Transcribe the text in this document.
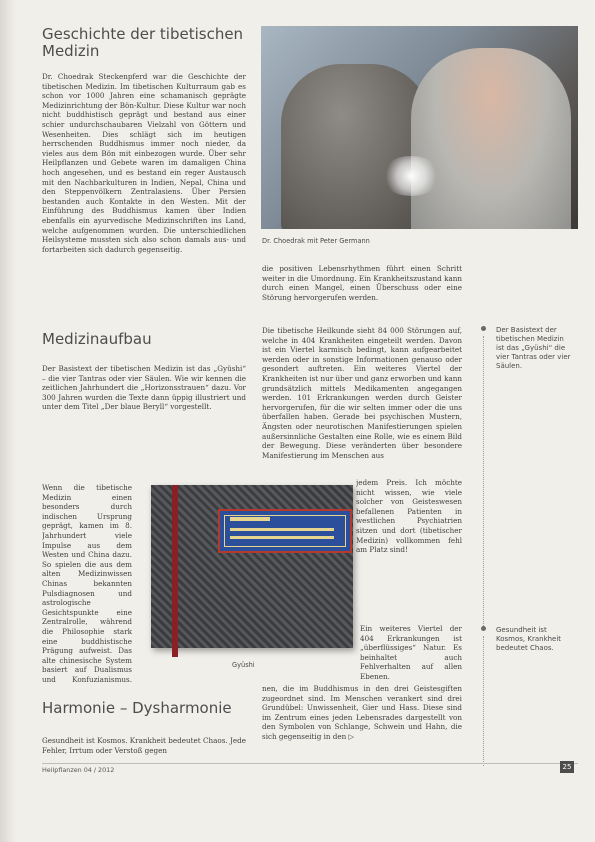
Geschichte der tibetischen Medizin
Dr. Choedrak Steckenpferd war die Geschichte der tibetischen Medizin. Im tibetischen Kulturraum gab es schon vor 1000 Jahren eine schamanisch geprägte Medizinrichtung der Bön-Kultur. Diese Kultur war noch nicht buddhistisch geprägt und bestand aus einer schier undurchschaubaren Vielzahl von Göttern und Wesenheiten. Dies schlägt sich im heutigen herrschenden Buddhismus immer noch nieder, da vieles aus dem Bön mit einbezogen wurde. Über sehr Heilpflanzen und Gebete waren im damaligen China hoch angesehen, und es bestand ein reger Austausch mit den Nachbarkulturen in Indien, Nepal, China und den Steppenvölkern Zentralasiens. Über Persien bestanden auch Kontakte in den Westen. Mit der Einführung des Buddhismus kamen über Indien ebenfalls ein ayurvedische Medizinschriften ins Land, welche aufgenommen wurden. Die unterschiedlichen Heilsysteme mussten sich also schon damals aus- und fortarbeiten sich dadurch gegenseitig.
Medizinaufbau
Der Basistext der tibetischen Medizin ist das „Gyüshi“ – die vier Tantras oder vier Säulen. Wie wir kennen die zeitlichen Jahrhundert die „Horizonsstrauen“ dazu. Vor 300 Jahren wurden die Texte dann üppig illustriert und unter dem Titel „Der blaue Beryll“ vorgestellt.
Wenn die tibetische Medizin einen besonders durch indischen Ursprung geprägt, kamen im 8. Jahrhundert viele Impulse aus dem Westen und China dazu. So spielen die aus dem alten Medizinwissen Chinas bekannten Pulsdiagnosen und astrologische Gesichtspunkte eine Zentralrolle, während die Philosophie stark eine buddhistische Prägung aufweist. Das alte chinesische System basiert auf Dualismus und Konfuzianismus.
Harmonie – Dysharmonie
Gesundheit ist Kosmos. Krankheit bedeutet Chaos. Jede Fehler, Irrtum oder Verstoß gegen
Dr. Choedrak mit Peter Germann
die positiven Lebensrhythmen führt einen Schritt weiter in die Umordnung. Ein Krankheitszustand kann durch einen Mangel, einen Überschuss oder eine Störung hervorgerufen werden.
Die tibetische Heilkunde sieht 84 000 Störungen auf, welche in 404 Krankheiten eingeteilt werden. Davon ist ein Viertel karmisch bedingt, kann aufgearbeitet werden oder in sonstige Informationen genauso oder gesondert auftreten. Ein weiteres Viertel der Krankheiten ist nur über und ganz erworben und kann grundsätzlich mittels Medikamenten angegangen werden. 101 Erkrankungen werden durch Geister hervorgerufen, für die wir selten immer oder die uns überfallen haben. Gerade bei psychischen Mustern, Ängsten oder neurotischen Manifestierungen spielen außersinnliche Gestalten eine Rolle, wie es einem Bild der Bewegung. Diese veränderten über besondere Manifestierung im Menschen aus
Gyüshi
jedem Preis. Ich möchte nicht wissen, wie viele solcher von Geisteswesen befallenen Patienten in westlichen Psychiatrien sitzen und dort (tibetischer Medizin) vollkommen fehl am Platz sind!
Ein weiteres Viertel der 404 Erkrankungen ist „überflüssiges“ Natur. Es beinhaltet auch Fehlverhalten auf allen Ebenen.
nen, die im Buddhismus in den drei Geistesgiften zugeordnet sind. Im Menschen verankert sind drei Grundübel: Unwissenheit, Gier und Hass. Diese sind im Zentrum eines jeden Lebensrades dargestellt von den Symbolen von Schlange, Schwein und Hahn, die sich gegenseitig in den ▷
Der Basistext der tibetischen Medizin ist das „Gyüshi“ die vier Tantras oder vier Säulen.
Gesundheit ist Kosmos, Krankheit bedeutet Chaos.
Heilpflanzen 04 / 2012	25
